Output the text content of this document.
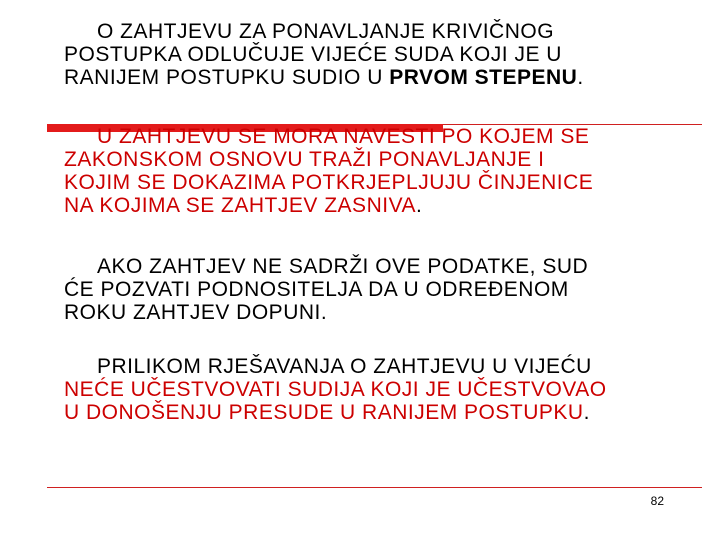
O ZAHTJEVU ZA PONAVLJANJE KRIVIČNOG
POSTUPKA ODLUČUJE VIJEĆE SUDA KOJI JE U
RANIJEM POSTUPKU SUDIO U PRVOM STEPENU.
U ZAHTJEVU SE MORA NAVESTI PO KOJEM SE
ZAKONSKOM OSNOVU TRAŽI PONAVLJANJE I
KOJIM SE DOKAZIMA POTKRJEPLJUJU ČINJENICE
NA KOJIMA SE ZAHTJEV ZASNIVA.
AKO ZAHTJEV NE SADRŽI OVE PODATKE, SUD
ĆE POZVATI PODNOSITELJA DA U ODREĐENOM
ROKU ZAHTJEV DOPUNI.
PRILIKOM RJEŠAVANJA O ZAHTJEVU U VIJEĆU
NEĆE UČESTVOVATI SUDIJA KOJI JE UČESTVOVAO
U DONOŠENJU PRESUDE U RANIJEM POSTUPKU.
82
